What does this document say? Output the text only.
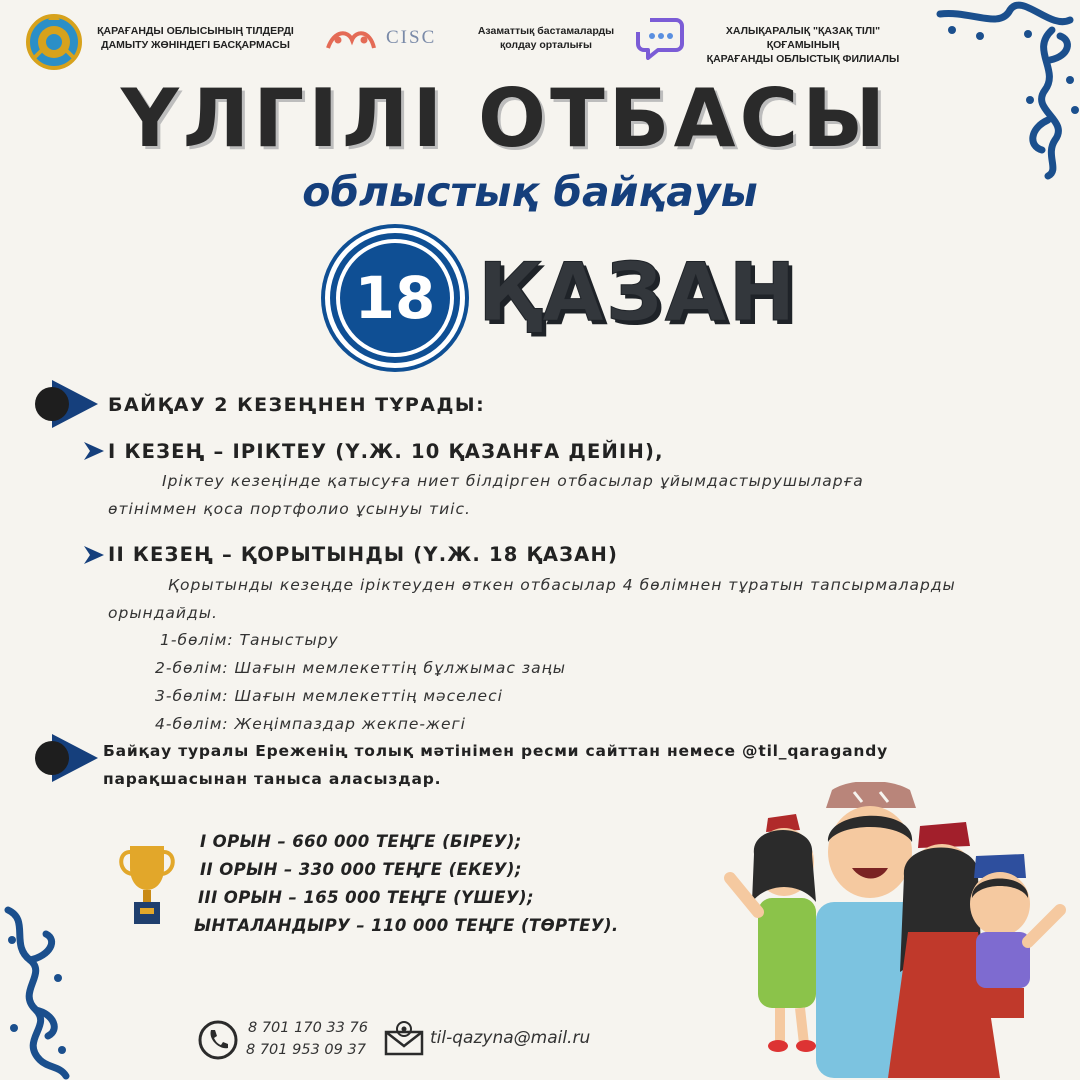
ҚАРАҒАНДЫ ОБЛЫСЫНЫҢ ТІЛДЕРДІ
ДАМЫТУ ЖӨНІНДЕГІ БАСҚАРМАСЫ	CISC	Азаматтық бастамаларды
қолдау орталығы
ХАЛЫҚАРАЛЫҚ "ҚАЗАҚ ТІЛІ" ҚОҒАМЫНЫҢ
ҚАРАҒАНДЫ ОБЛЫСТЫҚ ФИЛИАЛЫ
ҮЛГІЛІ ОТБАСЫ
облыстық байқауы
18 ҚАЗАН
БАЙҚАУ 2 КЕЗЕҢНЕН ТҰРАДЫ:
І КЕЗЕҢ – ІРІКТЕУ (Ү.Ж. 10 ҚАЗАНҒА ДЕЙІН),
Іріктеу кезеңінде қатысуға ниет білдірген отбасылар ұйымдастырушыларға
өтініммен қоса портфолио ұсынуы тиіс.
ІІ КЕЗЕҢ – ҚОРЫТЫНДЫ (Ү.Ж. 18 ҚАЗАН)
Қорытынды кезеңде іріктеуден өткен отбасылар 4 бөлімнен тұратын тапсырмаларды
орындайды.
1-бөлім: Таныстыру
2-бөлім: Шағын мемлекеттің бұлжымас заңы
3-бөлім: Шағын мемлекеттің мәселесі
4-бөлім: Жеңімпаздар жекпе-жегі
Байқау туралы Ереженің толық мәтінімен ресми сайттан немесе @til_qaragandy
парақшасынан таныса аласыздар.
І ОРЫН – 660 000 ТЕҢГЕ (БІРЕУ);
ІІ ОРЫН – 330 000 ТЕҢГЕ (ЕКЕУ);
ІІІ ОРЫН – 165 000 ТЕҢГЕ (ҮШЕУ);
ЫНТАЛАНДЫРУ – 110 000 ТЕҢГЕ (ТӨРТЕУ).
8 701 170 33 76
8 701 953 09 37
til-qazyna@mail.ru
